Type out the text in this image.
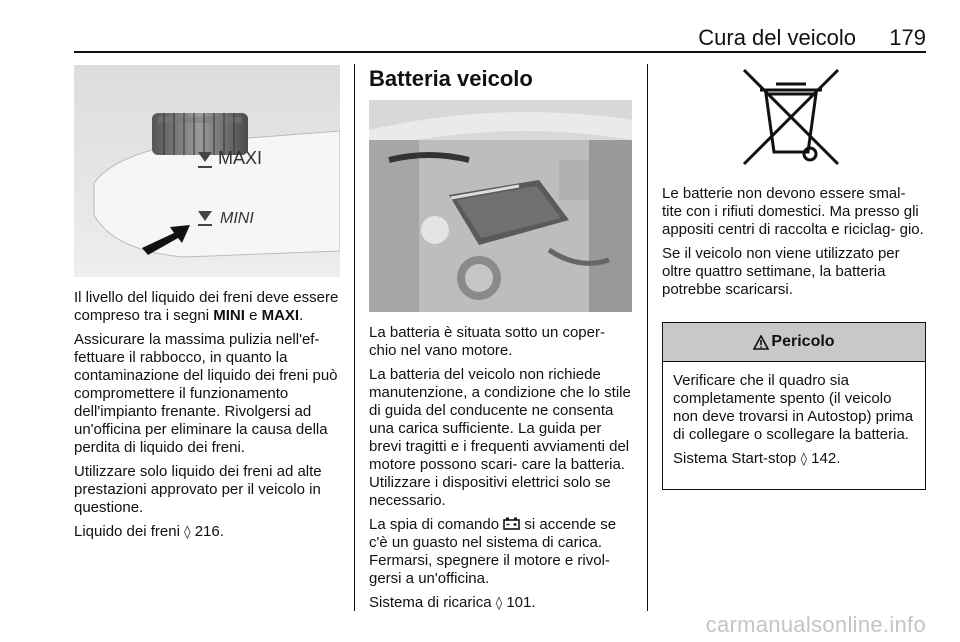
Cura del veicolo 179
MAXI
MINI

Il livello del liquido dei freni deve essere compreso tra i segni MINI e MAXI.

Assicurare la massima pulizia nell'ef- fettuare il rabbocco, in quanto la contaminazione del liquido dei freni può compromettere il funzionamento dell'impianto frenante. Rivolgersi ad un'officina per eliminare la causa della perdita di liquido dei freni.

Utilizzare solo liquido dei freni ad alte prestazioni approvato per il veicolo in questione.

Liquido dei freni ◊ 216.

Batteria veicolo

La batteria è situata sotto un coper- chio nel vano motore.

La batteria del veicolo non richiede manutenzione, a condizione che lo stile di guida del conducente ne consenta una carica sufficiente. La guida per brevi tragitti e i frequenti avviamenti del motore possono scari- care la batteria. Utilizzare i dispositivi elettrici solo se necessario.

La spia di comando  si accende se c'è un guasto nel sistema di carica. Fermarsi, spegnere il motore e rivol- gersi a un'officina.

Sistema di ricarica ◊ 101.

Le batterie non devono essere smal- tite con i rifiuti domestici. Ma presso gli appositi centri di raccolta e riciclag- gio.

Se il veicolo non viene utilizzato per oltre quattro settimane, la batteria potrebbe scaricarsi.

Pericolo

Verificare che il quadro sia completamente spento (il veicolo non deve trovarsi in Autostop) prima di collegare o scollegare la batteria.

Sistema Start-stop ◊ 142.

carmanualsonline.info
